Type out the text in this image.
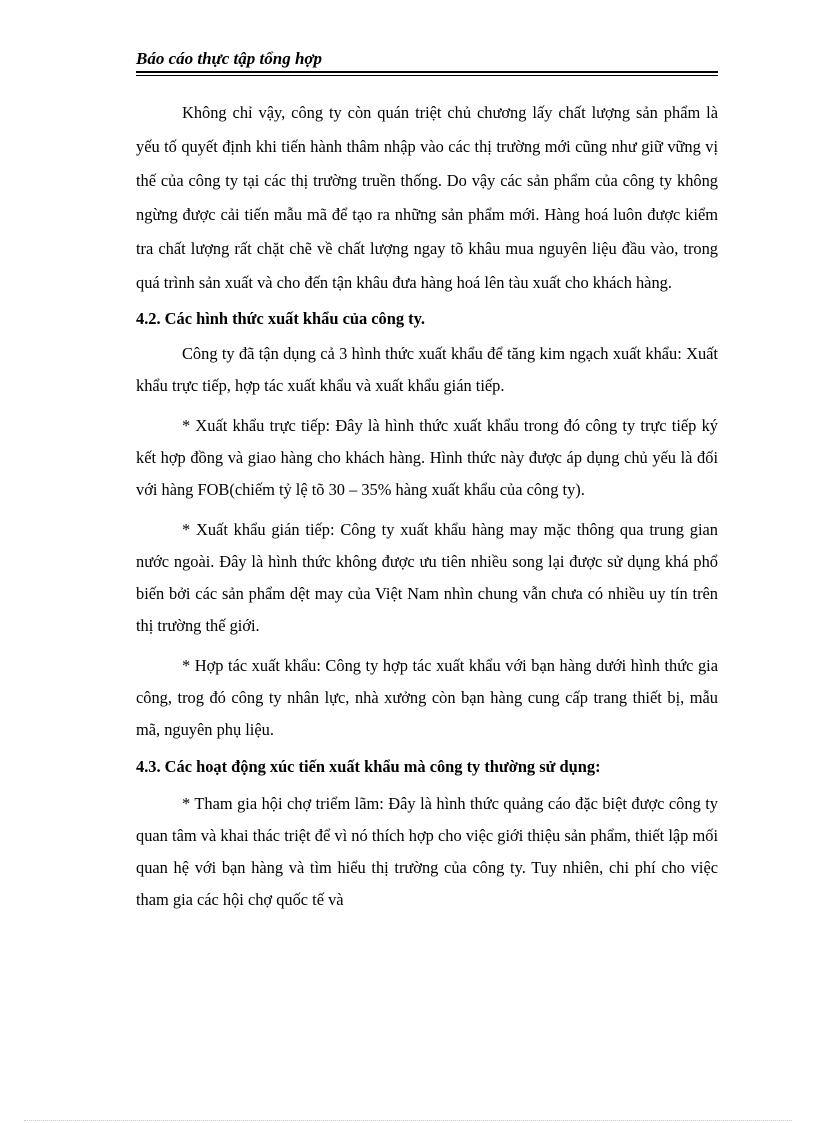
Báo cáo thực tập tổng hợp

Không chỉ vậy, công ty còn quán triệt chủ chương lấy chất lượng sản phẩm là yếu tố quyết định khi tiến hành thâm nhập vào các thị trường mới cũng như giữ vững vị thế của công ty tại các thị trường truền thống. Do vậy các sản phẩm của công ty không ngừng được cải tiến mẫu mã để tạo ra những sản phẩm mới. Hàng hoá luôn được kiểm tra chất lượng rất chặt chẽ về chất lượng ngay tõ khâu mua nguyên liệu đầu vào, trong quá trình sản xuất và cho đến tận khâu đưa hàng hoá lên tàu xuất cho khách hàng.

4.2. Các hình thức xuất khẩu của công ty.

Công ty đã tận dụng cả 3 hình thức xuất khẩu để tăng kim ngạch xuất khẩu: Xuất khẩu trực tiếp, hợp tác xuất khẩu và xuất khẩu gián tiếp.

* Xuất khẩu trực tiếp: Đây là hình thức xuất khẩu trong đó công ty trực tiếp ký kết hợp đồng và giao hàng cho khách hàng. Hình thức này được áp dụng chủ yếu là đối với hàng FOB(chiếm tỷ lệ tõ 30 – 35% hàng xuất khẩu của công ty).

* Xuất khẩu gián tiếp: Công ty xuất khẩu hàng may mặc thông qua trung gian nước ngoài. Đây là hình thức không được ưu tiên nhiều song lại được sử dụng khá phổ biến bởi các sản phẩm dệt may của Việt Nam nhìn chung vẫn chưa có nhiều uy tín trên thị trường thế giới.

* Hợp tác xuất khẩu: Công ty hợp tác xuất khẩu với bạn hàng dưới hình thức gia công, trog đó công ty nhân lực, nhà xưởng còn bạn hàng cung cấp trang thiết bị, mẫu mã, nguyên phụ liệu.

4.3. Các hoạt động xúc tiến xuất khẩu mà công ty thường sử dụng:

* Tham gia hội chợ triểm lãm: Đây là hình thức quảng cáo đặc biệt được công ty quan tâm và khai thác triệt để vì nó thích hợp cho việc giới thiệu sản phẩm, thiết lập mối quan hệ với bạn hàng và tìm hiểu thị trường của công ty. Tuy nhiên, chi phí cho việc tham gia các hội chợ quốc tế và
